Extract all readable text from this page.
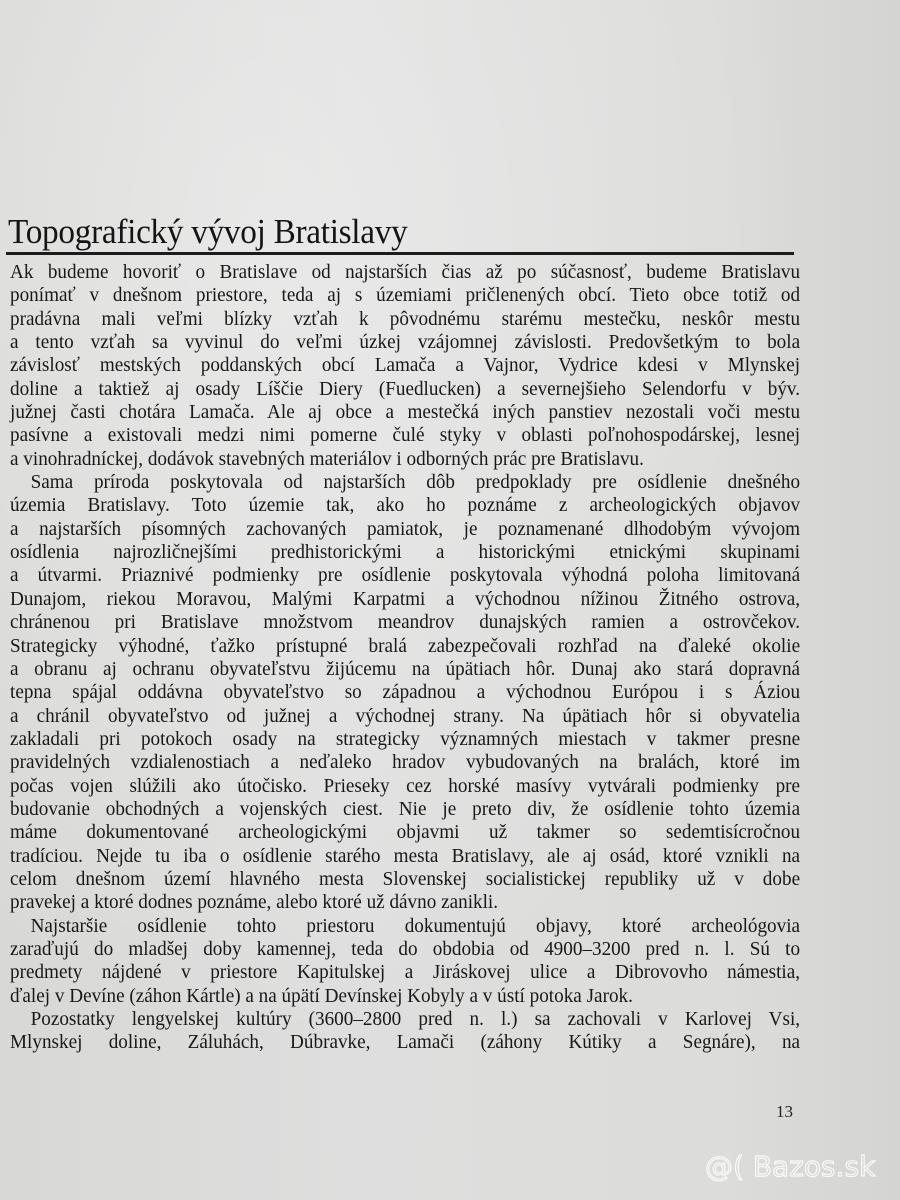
Topografický vývoj Bratislavy
Ak budeme hovoriť o Bratislave od najstarších čias až po súčasnosť, budeme Bratislavu
ponímať v dnešnom priestore, teda aj s územiami pričlenených obcí. Tieto obce totiž od
pradávna mali veľmi blízky vzťah k pôvodnému starému mestečku, neskôr mestu
a tento vzťah sa vyvinul do veľmi úzkej vzájomnej závislosti. Predovšetkým to bola
závislosť mestských poddanských obcí Lamača a Vajnor, Vydrice kdesi v Mlynskej
doline a taktiež aj osady Líščie Diery (Fuedlucken) a severnejšieho Selendorfu v býv.
južnej časti chotára Lamača. Ale aj obce a mestečká iných panstiev nezostali voči mestu
pasívne a existovali medzi nimi pomerne čulé styky v oblasti poľnohospodárskej, lesnej
a vinohradníckej, dodávok stavebných materiálov i odborných prác pre Bratislavu.
Sama príroda poskytovala od najstarších dôb predpoklady pre osídlenie dnešného
územia Bratislavy. Toto územie tak, ako ho poznáme z archeologických objavov
a najstarších písomných zachovaných pamiatok, je poznamenané dlhodobým vývojom
osídlenia najrozličnejšími predhistorickými a historickými etnickými skupinami
a útvarmi. Priaznivé podmienky pre osídlenie poskytovala výhodná poloha limitovaná
Dunajom, riekou Moravou, Malými Karpatmi a východnou nížinou Žitného ostrova,
chránenou pri Bratislave množstvom meandrov dunajských ramien a ostrovčekov.
Strategicky výhodné, ťažko prístupné bralá zabezpečovali rozhľad na ďaleké okolie
a obranu aj ochranu obyvateľstvu žijúcemu na úpätiach hôr. Dunaj ako stará dopravná
tepna spájal oddávna obyvateľstvo so západnou a východnou Európou i s Áziou
a chránil obyvateľstvo od južnej a východnej strany. Na úpätiach hôr si obyvatelia
zakladali pri potokoch osady na strategicky významných miestach v takmer presne
pravidelných vzdialenostiach a neďaleko hradov vybudovaných na bralách, ktoré im
počas vojen slúžili ako útočisko. Prieseky cez horské masívy vytvárali podmienky pre
budovanie obchodných a vojenských ciest. Nie je preto div, že osídlenie tohto územia
máme dokumentované archeologickými objavmi už takmer so sedemtisícročnou
tradíciou. Nejde tu iba o osídlenie starého mesta Bratislavy, ale aj osád, ktoré vznikli na
celom dnešnom území hlavného mesta Slovenskej socialistickej republiky už v dobe
pravekej a ktoré dodnes poznáme, alebo ktoré už dávno zanikli.
Najstaršie osídlenie tohto priestoru dokumentujú objavy, ktoré archeológovia
zaraďujú do mladšej doby kamennej, teda do obdobia od 4900–3200 pred n. l. Sú to
predmety nájdené v priestore Kapitulskej a Jiráskovej ulice a Dibrovovho námestia,
ďalej v Devíne (záhon Kártle) a na úpätí Devínskej Kobyly a v ústí potoka Jarok.
Pozostatky lengyelskej kultúry (3600–2800 pred n. l.) sa zachovali v Karlovej Vsi,
Mlynskej doline, Záluhách, Dúbravke, Lamači (záhony Kútiky a Segnáre), na
13
@( Bazos.sk
